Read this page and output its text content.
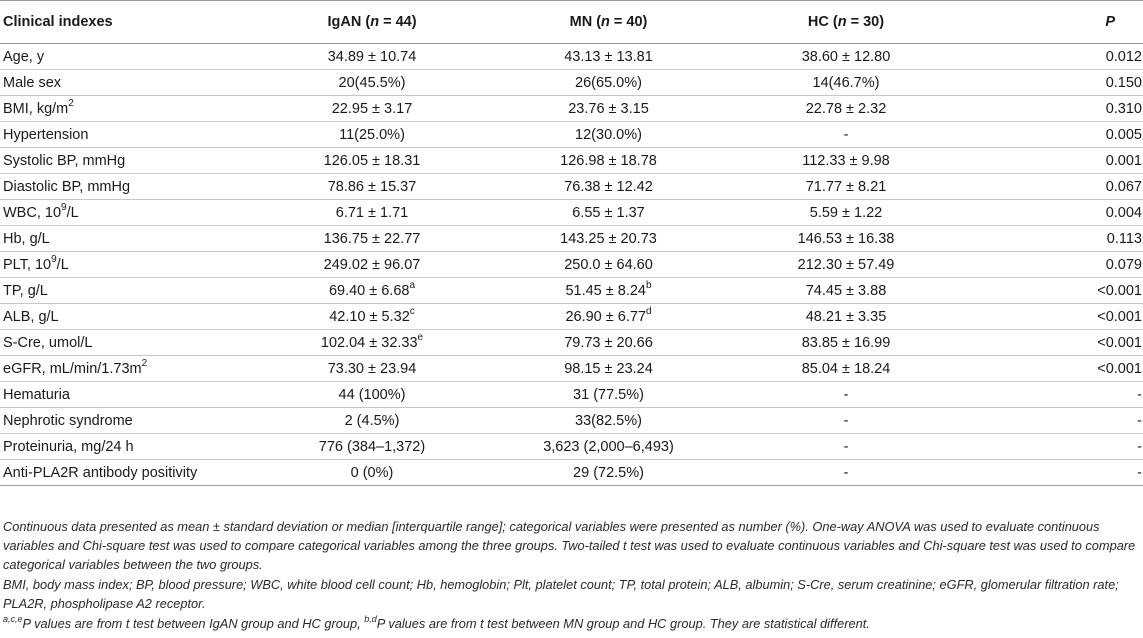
Clinical indexes	IgAN (n = 44)	MN (n = 40)	HC (n = 30)	P
Age, y	34.89 ± 10.74	43.13 ± 13.81	38.60 ± 12.80	0.012
Male sex	20(45.5%)	26(65.0%)	14(46.7%)	0.150
BMI, $kg/m^2$	22.95 ± 3.17	23.76 ± 3.15	22.78 ± 2.32	0.310
Hypertension	11(25.0%)	12(30.0%)	-	0.005
Systolic BP, mmHg	126.05 ± 18.31	126.98 ± 18.78	112.33 ± 9.98	0.001
Diastolic BP, mmHg	78.86 ± 15.37	76.38 ± 12.42	71.77 ± 8.21	0.067
WBC, $10^9/L$	6.71 ± 1.71	6.55 ± 1.37	5.59 ± 1.22	0.004
Hb, g/L	136.75 ± 22.77	143.25 ± 20.73	146.53 ± 16.38	0.113
PLT, $10^9/L$	249.02 ± 96.07	250.0 ± 64.60	212.30 ± 57.49	0.079
TP, g/L	69.40 ± 6.68$^a$	51.45 ± 8.24$^b$	74.45 ± 3.88	<0.001
ALB, g/L	42.10 ± 5.32$^c$	26.90 ± 6.77$^d$	48.21 ± 3.35	<0.001
S-Cre, umol/L	102.04 ± 32.33$^e$	79.73 ± 20.66	83.85 ± 16.99	<0.001
eGFR, $mL/\min/1.73m^2$	73.30 ± 23.94	98.15 ± 23.24	85.04 ± 18.24	<0.001
Hematuria	44 (100%)	31 (77.5%)	-	-
Nephrotic syndrome	2 (4.5%)	33(82.5%)	-	-
Proteinuria, mg/24 h	776 (384–1,372)	3,623 (2,000–6,493)	-	-
Anti-PLA2R antibody positivity	0 (0%)	29 (72.5%)	-	-

Continuous data presented as mean ± standard deviation or median [interquartile range]; categorical variables were presented as number (%). One-way ANOVA was used to evaluate continuous variables and Chi-square test was used to compare categorical variables among the three groups. Two-tailed t test was used to evaluate continuous variables and Chi-square test was used to compare categorical variables between the two groups.

BMI, body mass index; BP, blood pressure; WBC, white blood cell count; Hb, hemoglobin; Plt, platelet count; TP, total protein; ALB, albumin; S-Cre, serum creatinine; eGFR, glomerular filtration rate; PLA2R, phospholipase A2 receptor.

$^{a,c,e}$P values are from t test between IgAN group and HC group, $^{b,d}$P values are from t test between MN group and HC group. They are statistical different.
